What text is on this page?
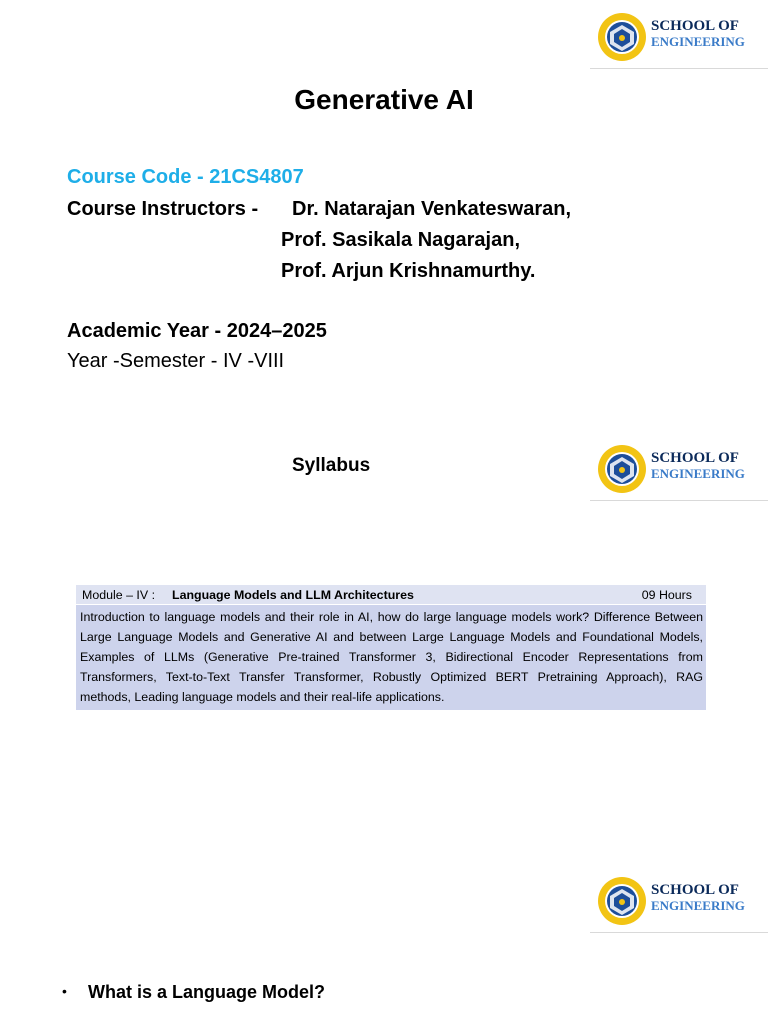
SCHOOL OF
ENGINEERING
Generative AI
Course Code - 21CS4807
Course Instructors - Dr. Natarajan Venkateswaran,
Prof. Sasikala Nagarajan,
Prof. Arjun Krishnamurthy.
Academic Year - 2024–2025
Year -Semester - IV -VIII
SCHOOL OF
ENGINEERING
Syllabus
Module – IV : Language Models and LLM Architectures	09 Hours
Introduction to language models and their role in AI, how do large language models work? Difference Between Large Language Models and Generative AI and between Large Language Models and Foundational Models, Examples of LLMs (Generative Pre-trained Transformer 3, Bidirectional Encoder Representations from Transformers, Text-to-Text Transfer Transformer, Robustly Optimized BERT Pretraining Approach), RAG methods, Leading language models and their real-life applications.
SCHOOL OF
ENGINEERING
• What is a Language Model?
